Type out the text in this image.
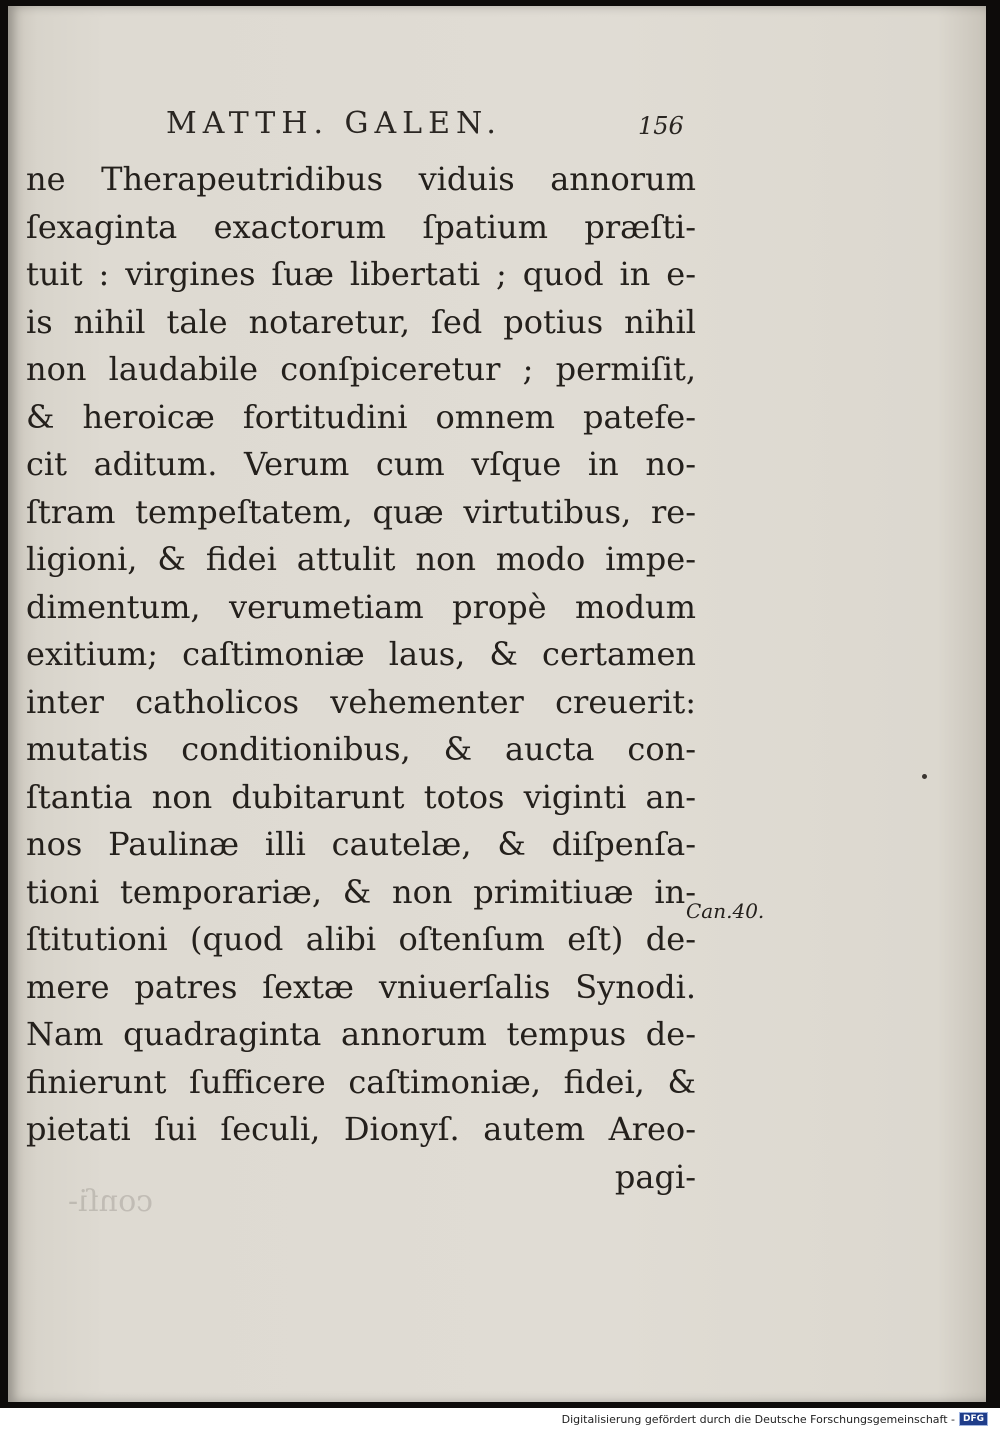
MATTH. GALEN.	156
ne Therapeutridibus viduis annorum
ſexaginta exactorum ſpatium præſti-
tuit : virgines ſuæ libertati ; quod in e-
is nihil tale notaretur, ſed potius nihil
non laudabile conſpiceretur ; permiſit,
& heroicæ fortitudini omnem patefe-
cit aditum. Verum cum vſque in no-
ſtram tempeſtatem, quæ virtutibus, re-
ligioni, & fidei attulit non modo impe-
dimentum, verumetiam propè modum
exitium; caſtimoniæ laus, & certamen
inter catholicos vehementer creuerit:
mutatis conditionibus, & aucta con-
ſtantia non dubitarunt totos viginti an-
nos Paulinæ illi cautelæ, & diſpenſa-
tioni temporariæ, & non primitiuæ in-
ſtitutioni (quod alibi oſtenſum eſt) de-
mere patres ſextæ vniuerſalis Synodi.
Nam quadraginta annorum tempus de-
finierunt ſufficere caſtimoniæ, fidei, &
pietati ſui ſeculi, Dionyſ. autem Areo-
pagi-
Can.40.
conſi-
Digitalisierung gefördert durch die Deutsche Forschungsgemeinschaft - DFG
